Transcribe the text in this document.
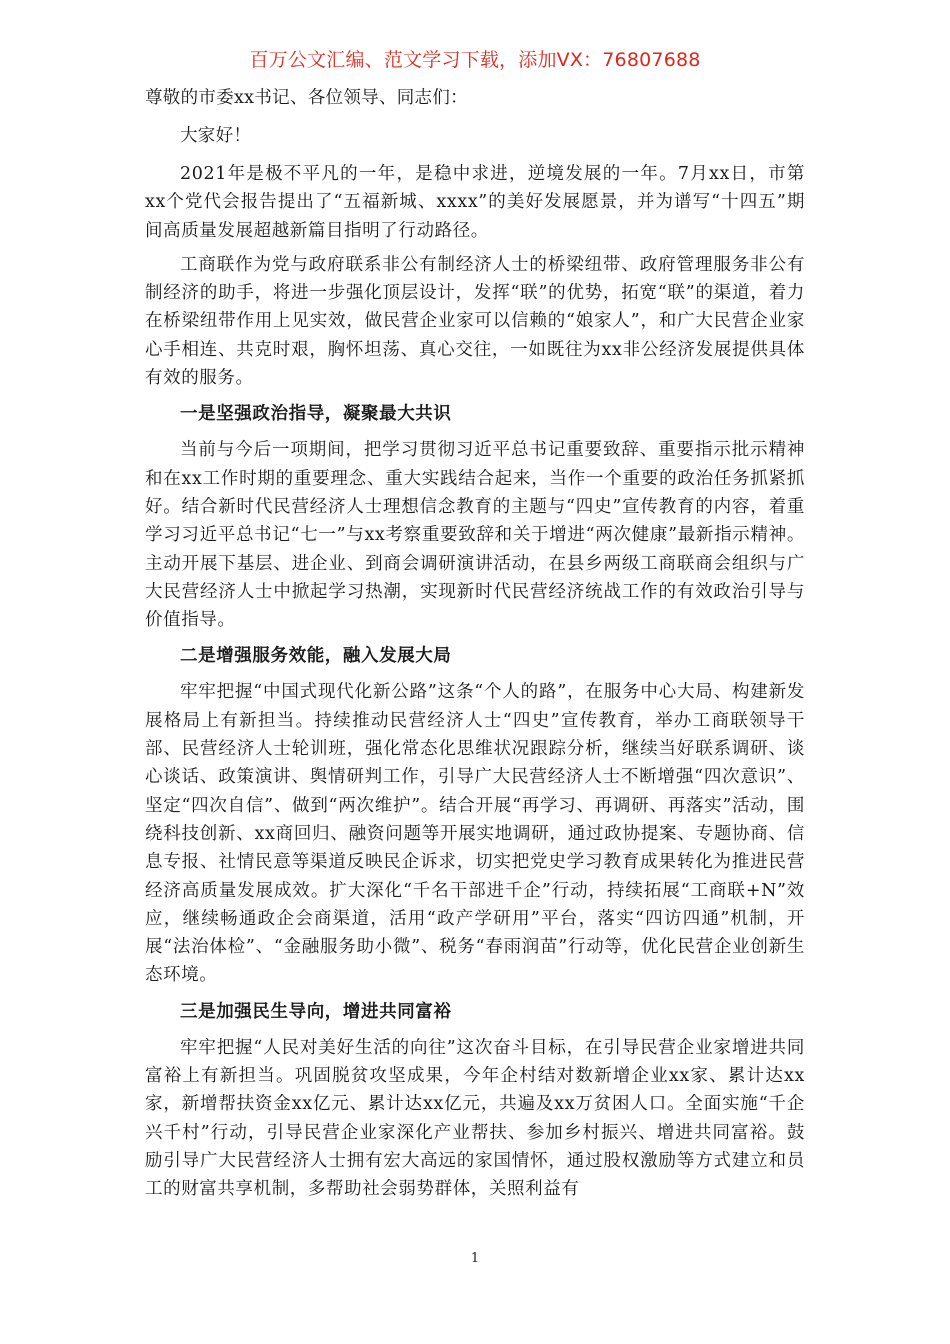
百万公文汇编、范文学习下载，添加VX：76807688
尊敬的市委xx书记、各位领导、同志们：

大家好！

2021年是极不平凡的一年，是稳中求进，逆境发展的一年。7月xx日，市第xx个党代会报告提出了“五福新城、xxxx”的美好发展愿景，并为谱写“十四五”期间高质量发展超越新篇目指明了行动路径。

工商联作为党与政府联系非公有制经济人士的桥梁纽带、政府管理服务非公有制经济的助手，将进一步强化顶层设计，发挥“联”的优势，拓宽“联”的渠道，着力在桥梁纽带作用上见实效，做民营企业家可以信赖的“娘家人”，和广大民营企业家心手相连、共克时艰，胸怀坦荡、真心交往，一如既往为xx非公经济发展提供具体有效的服务。

一是坚强政治指导，凝聚最大共识

当前与今后一项期间，把学习贯彻习近平总书记重要致辞、重要指示批示精神和在xx工作时期的重要理念、重大实践结合起来，当作一个重要的政治任务抓紧抓好。结合新时代民营经济人士理想信念教育的主题与“四史”宣传教育的内容，着重学习习近平总书记“七一”与xx考察重要致辞和关于增进“两次健康”最新指示精神。主动开展下基层、进企业、到商会调研演讲活动，在县乡两级工商联商会组织与广大民营经济人士中掀起学习热潮，实现新时代民营经济统战工作的有效政治引导与价值指导。

二是增强服务效能，融入发展大局

牢牢把握“中国式现代化新公路”这条“个人的路”，在服务中心大局、构建新发展格局上有新担当。持续推动民营经济人士“四史”宣传教育，举办工商联领导干部、民营经济人士轮训班，强化常态化思维状况跟踪分析，继续当好联系调研、谈心谈话、政策演讲、舆情研判工作，引导广大民营经济人士不断增强“四次意识”、坚定“四次自信”、做到“两次维护”。结合开展“再学习、再调研、再落实”活动，围绕科技创新、xx商回归、融资问题等开展实地调研，通过政协提案、专题协商、信息专报、社情民意等渠道反映民企诉求，切实把党史学习教育成果转化为推进民营经济高质量发展成效。扩大深化“千名干部进千企”行动，持续拓展“工商联+N”效应，继续畅通政企会商渠道，活用“政产学研用”平台，落实“四访四通”机制，开展“法治体检”、“金融服务助小微”、税务“春雨润苗”行动等，优化民营企业创新生态环境。

三是加强民生导向，增进共同富裕

牢牢把握“人民对美好生活的向往”这次奋斗目标，在引导民营企业家增进共同富裕上有新担当。巩固脱贫攻坚成果，今年企村结对数新增企业xx家、累计达xx家，新增帮扶资金xx亿元、累计达xx亿元，共遍及xx万贫困人口。全面实施“千企兴千村”行动，引导民营企业家深化产业帮扶、参加乡村振兴、增进共同富裕。鼓励引导广大民营经济人士拥有宏大高远的家国情怀，通过股权激励等方式建立和员工的财富共享机制，多帮助社会弱势群体，关照利益有

1
